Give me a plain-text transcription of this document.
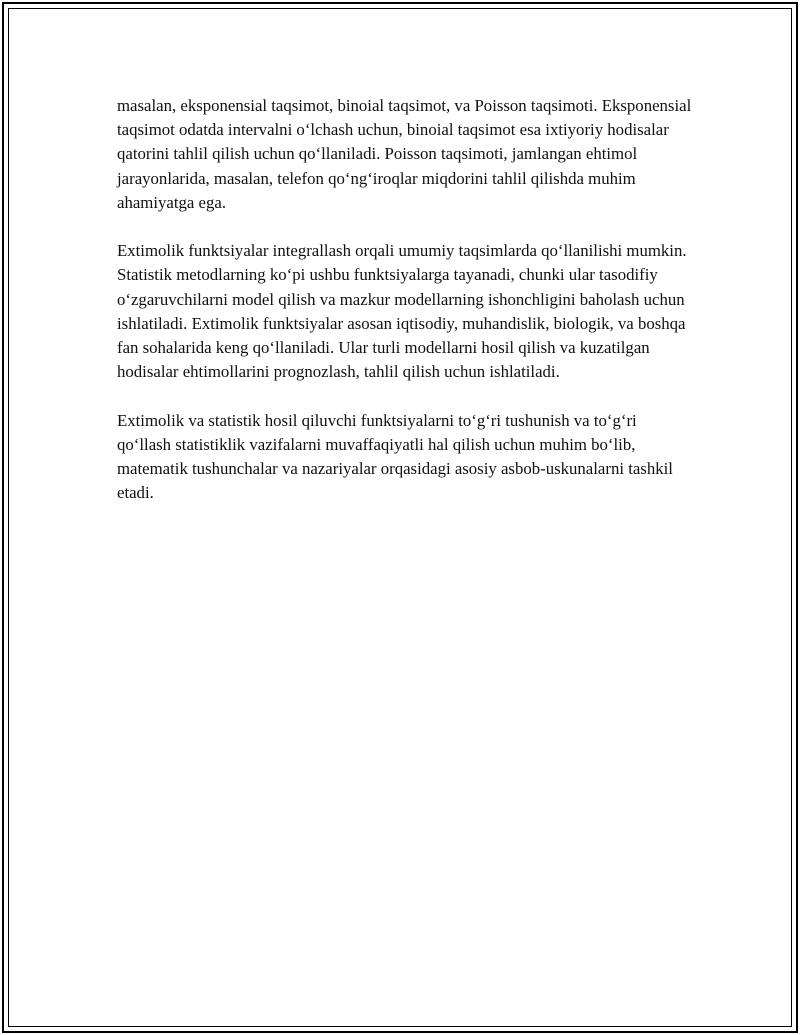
masalan, eksponensial taqsimot, binoial taqsimot, va Poisson taqsimoti. Eksponensial taqsimot odatda intervalni o‘lchash uchun, binoial taqsimot esa ixtiyoriy hodisalar qatorini tahlil qilish uchun qo‘llaniladi. Poisson taqsimoti, jamlangan ehtimol jarayonlarida, masalan, telefon qo‘ng‘iroqlar miqdorini tahlil qilishda muhim ahamiyatga ega.

Extimolik funktsiyalar integrallash orqali umumiy taqsimlarda qo‘llanilishi mumkin. Statistik metodlarning ko‘pi ushbu funktsiyalarga tayanadi, chunki ular tasodifiy o‘zgaruvchilarni model qilish va mazkur modellarning ishonchligini baholash uchun ishlatiladi. Extimolik funktsiyalar asosan iqtisodiy, muhandislik, biologik, va boshqa fan sohalarida keng qo‘llaniladi. Ular turli modellarni hosil qilish va kuzatilgan hodisalar ehtimollarini prognozlash, tahlil qilish uchun ishlatiladi.

Extimolik va statistik hosil qiluvchi funktsiyalarni to‘g‘ri tushunish va to‘g‘ri qo‘llash statistiklik vazifalarni muvaffaqiyatli hal qilish uchun muhim bo‘lib, matematik tushunchalar va nazariyalar orqasidagi asosiy asbob-uskunalarni tashkil etadi.
